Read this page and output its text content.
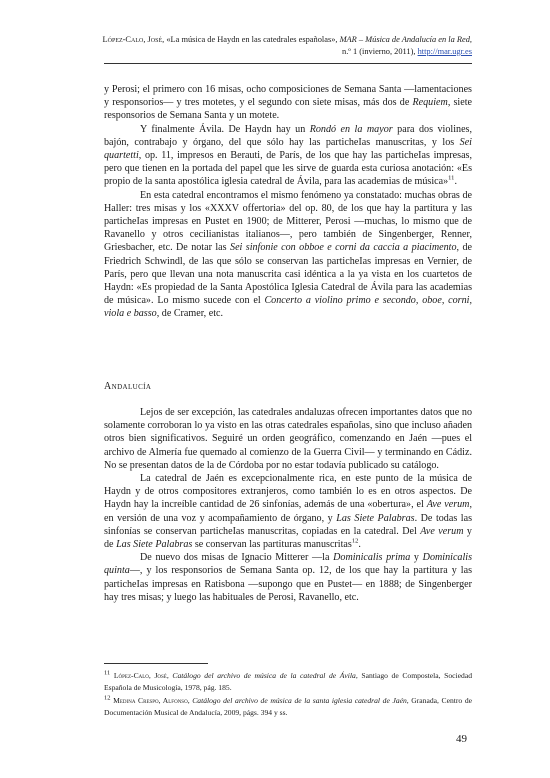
López-Calo, José, «La música de Haydn en las catedrales españolas», MAR – Música de Andalucía en la Red, n.º 1 (invierno, 2011), http://mar.ugr.es

y Perosi; el primero con 16 misas, ocho composiciones de Semana Santa —lamentaciones y responsorios— y tres motetes, y el segundo con siete misas, más dos de Requiem, siete responsorios de Semana Santa y un motete.

Y finalmente Ávila. De Haydn hay un Rondó en la mayor para dos violines, bajón, contrabajo y órgano, del que sólo hay las particheIas manuscritas, y los Sei quartetti, op. 11, impresos en Berauti, de París, de los que hay las particheIas impresas, pero que tienen en la portada del papel que les sirve de guarda esta curiosa anotación: «Es propio de la santa apostólica iglesia catedral de Ávila, para las academias de música»$^{11}$.

En esta catedral encontramos el mismo fenómeno ya constatado: muchas obras de Haller: tres misas y los «XXXV offertoria» del op. 80, de los que hay la partitura y las particheIas impresas en Pustet en 1900; de Mitterer, Perosi —muchas, lo mismo que de Ravanello y otros cecilianistas italianos—, pero también de Singenberger, Renner, Griesbacher, etc. De notar las Sei sinfonie con obboe e corni da caccia a piacimento, de Friedrich Schwindl, de las que sólo se conservan las particheIas impresas en Vernier, de París, pero que llevan una nota manuscrita casi idéntica a la ya vista en los cuartetos de Haydn: «Es propiedad de la Santa Apostólica Iglesia Catedral de Ávila para las academias de música». Lo mismo sucede con el Concerto a violino primo e secondo, oboe, corni, viola e basso, de Cramer, etc.

Andalucía

Lejos de ser excepción, las catedrales andaluzas ofrecen importantes datos que no solamente corroboran lo ya visto en las otras catedrales españolas, sino que incluso añaden otros bien significativos. Seguiré un orden geográfico, comenzando en Jaén —pues el archivo de Almería fue quemado al comienzo de la Guerra Civil— y terminando en Cádiz. No se presentan datos de la de Córdoba por no estar todavía publicado su catálogo.

La catedral de Jaén es excepcionalmente rica, en este punto de la música de Haydn y de otros compositores extranjeros, como también lo es en otros aspectos. De Haydn hay la increíble cantidad de 26 sinfonías, además de una «obertura», el Ave verum, en versión de una voz y acompañamiento de órgano, y Las Siete Palabras. De todas las sinfonías se conservan particheIas manuscritas, copiadas en la catedral. Del Ave verum y de Las Siete Palabras se conservan las partituras manuscritas$^{12}$.

De nuevo dos misas de Ignacio Mitterer —la Dominicalis prima y Dominicalis quinta—, y los responsorios de Semana Santa op. 12, de los que hay la partitura y las particheIas impresas en Ratisbona —supongo que en Pustet— en 1888; de Singenberger hay tres misas; y luego las habituales de Perosi, Ravanello, etc.

$^{11}$ López-Calo, José, Catálogo del archivo de música de la catedral de Ávila, Santiago de Compostela, Sociedad Española de Musicología, 1978, pág. 185.

$^{12}$ Medina Crespo, Alfonso, Catálogo del archivo de música de la santa iglesia catedral de Jaén, Granada, Centro de Documentación Musical de Andalucía, 2009, págs. 394 y ss.

49
